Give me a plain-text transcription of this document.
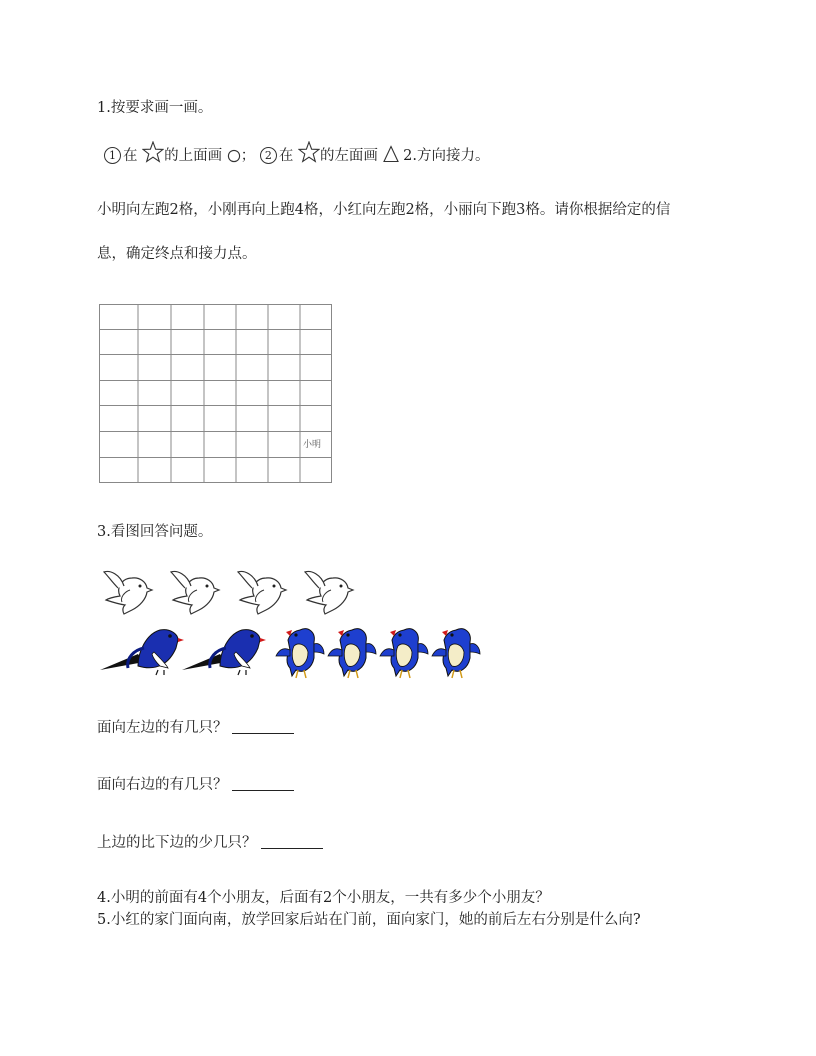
1.按要求画一画。
1 在 的上面画 ； 2 在 的左面画 2.方向接力。
小明向左跑2格，小刚再向上跑4格，小红向左跑2格，小丽向下跑3格。请你根据给定的信
息，确定终点和接力点。
小明
3.看图回答问题。
面向左边的有几只？
面向右边的有几只？
上边的比下边的少几只？
4.小明的前面有4个小朋友，后面有2个小朋友，一共有多少个小朋友？
5.小红的家门面向南，放学回家后站在门前，面向家门，她的前后左右分别是什么向?
